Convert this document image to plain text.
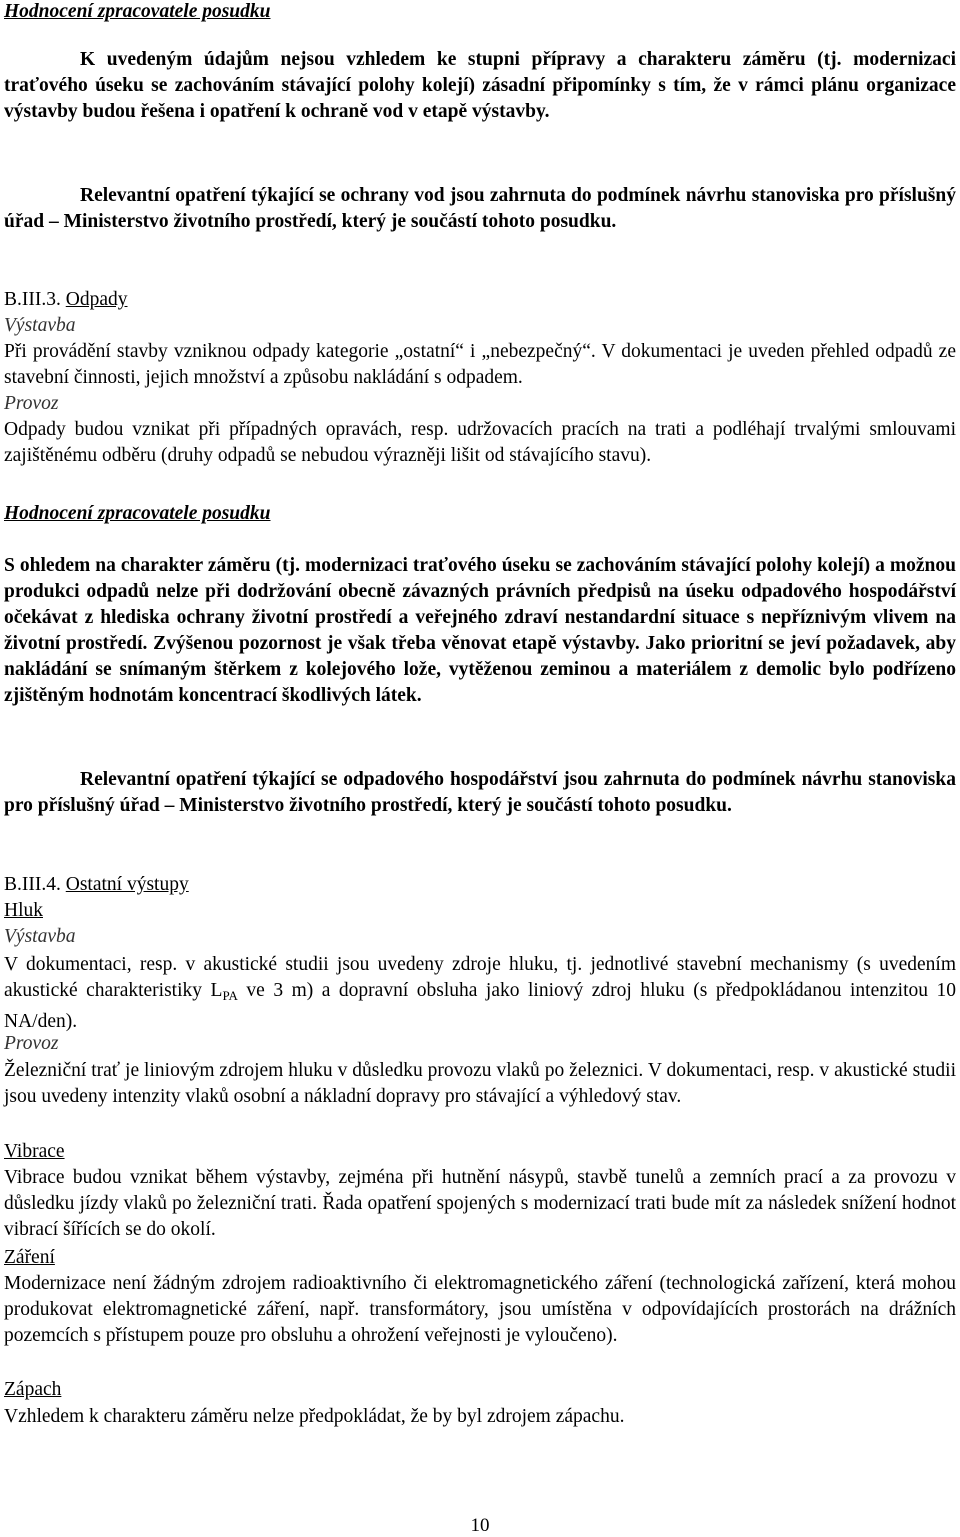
Hodnocení zpracovatele posudku

K uvedeným údajům nejsou vzhledem ke stupni přípravy a charakteru záměru (tj. modernizaci traťového úseku se zachováním stávající polohy kolejí) zásadní připomínky s tím, že v rámci plánu organizace výstavby budou řešena i opatření k ochraně vod v etapě výstavby.

Relevantní opatření týkající se ochrany vod jsou zahrnuta do podmínek návrhu stanoviska pro příslušný úřad – Ministerstvo životního prostředí, který je součástí tohoto posudku.

B.III.3. Odpady

Výstavba

Při provádění stavby vzniknou odpady kategorie „ostatní“ i „nebezpečný“. V dokumentaci je uveden přehled odpadů ze stavební činnosti, jejich množství a způsobu nakládání s odpadem.

Provoz

Odpady budou vznikat při případných opravách, resp. udržovacích pracích na trati a podléhají trvalými smlouvami zajištěnému odběru (druhy odpadů se nebudou výrazněji lišit od stávajícího stavu).

Hodnocení zpracovatele posudku

S ohledem na charakter záměru (tj. modernizaci traťového úseku se zachováním stávající polohy kolejí) a možnou produkci odpadů nelze při dodržování obecně závazných právních předpisů na úseku odpadového hospodářství očekávat z hlediska ochrany životní prostředí a veřejného zdraví nestandardní situace s nepříznivým vlivem na životní prostředí. Zvýšenou pozornost je však třeba věnovat etapě výstavby. Jako prioritní se jeví požadavek, aby nakládání se snímaným štěrkem z kolejového lože, vytěženou zeminou a materiálem z demolic bylo podřízeno zjištěným hodnotám koncentrací škodlivých látek.

Relevantní opatření týkající se odpadového hospodářství jsou zahrnuta do podmínek návrhu stanoviska pro příslušný úřad – Ministerstvo životního prostředí, který je součástí tohoto posudku.

B.III.4. Ostatní výstupy

Hluk

Výstavba

V dokumentaci, resp. v akustické studii jsou uvedeny zdroje hluku, tj. jednotlivé stavební mechanismy (s uvedením akustické charakteristiky $L_{PA}$ ve 3 m) a dopravní obsluha jako liniový zdroj hluku (s předpokládanou intenzitou 10 NA/den).

Provoz

Železniční trať je liniovým zdrojem hluku v důsledku provozu vlaků po železnici. V dokumentaci, resp. v akustické studii jsou uvedeny intenzity vlaků osobní a nákladní dopravy pro stávající a výhledový stav.

Vibrace

Vibrace budou vznikat během výstavby, zejména při hutnění násypů, stavbě tunelů a zemních prací a za provozu v důsledku jízdy vlaků po železniční trati. Řada opatření spojených s modernizací trati bude mít za následek snížení hodnot vibrací šířících se do okolí.

Záření

Modernizace není žádným zdrojem radioaktivního či elektromagnetického záření (technologická zařízení, která mohou produkovat elektromagnetické záření, např. transformátory, jsou umístěna v odpovídajících prostorách na drážních pozemcích s přístupem pouze pro obsluhu a ohrožení veřejnosti je vyloučeno).

Zápach

Vzhledem k charakteru záměru nelze předpokládat, že by byl zdrojem zápachu.

10
